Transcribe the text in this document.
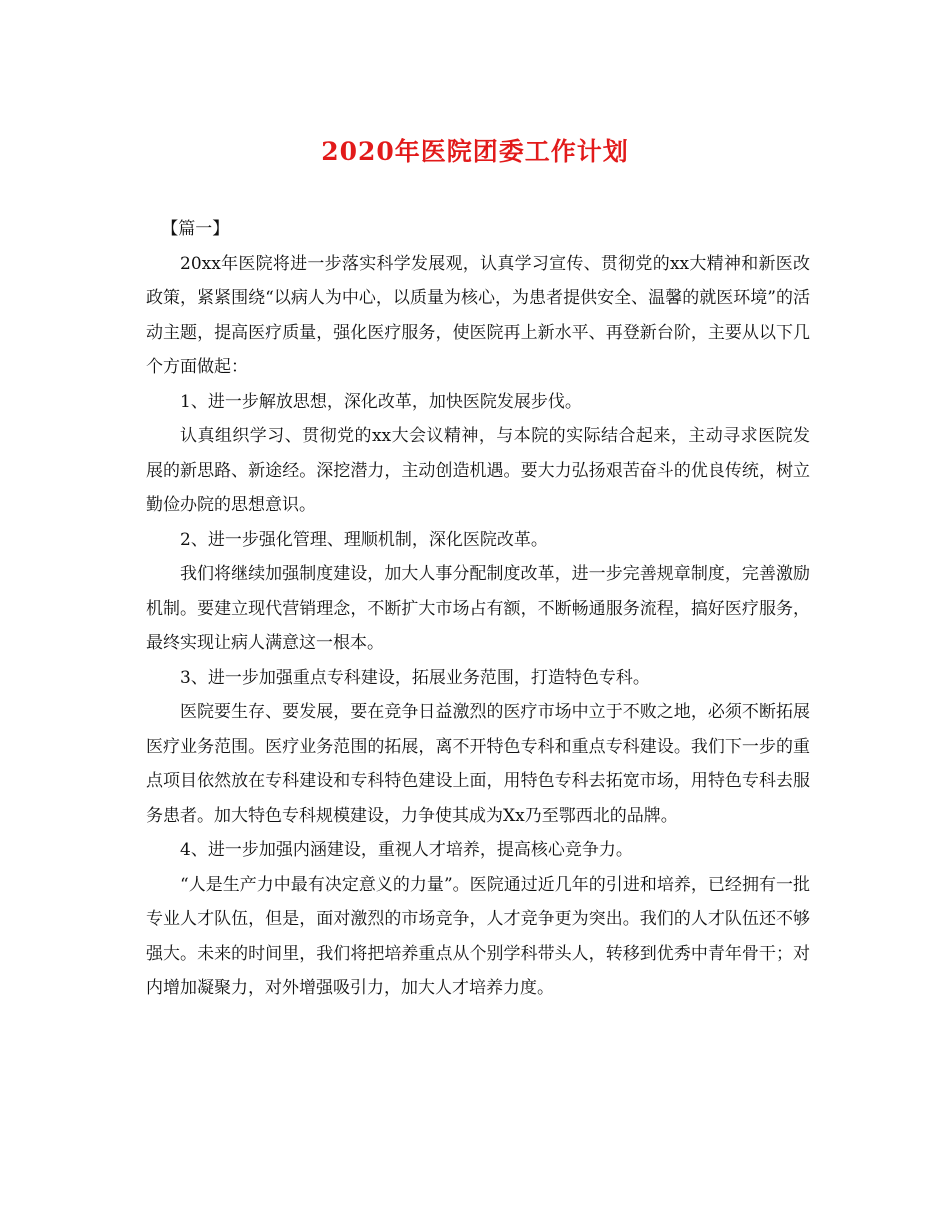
2020年医院团委工作计划

【篇一】

20xx年医院将进一步落实科学发展观，认真学习宣传、贯彻党的xx大精神和新医改政策，紧紧围绕“以病人为中心，以质量为核心，为患者提供安全、温馨的就医环境”的活动主题，提高医疗质量，强化医疗服务，使医院再上新水平、再登新台阶，主要从以下几个方面做起：

1、进一步解放思想，深化改革，加快医院发展步伐。

认真组织学习、贯彻党的xx大会议精神，与本院的实际结合起来，主动寻求医院发展的新思路、新途经。深挖潜力，主动创造机遇。要大力弘扬艰苦奋斗的优良传统，树立勤俭办院的思想意识。

2、进一步强化管理、理顺机制，深化医院改革。

我们将继续加强制度建设，加大人事分配制度改革，进一步完善规章制度，完善激励机制。要建立现代营销理念，不断扩大市场占有额，不断畅通服务流程，搞好医疗服务，最终实现让病人满意这一根本。

3、进一步加强重点专科建设，拓展业务范围，打造特色专科。

医院要生存、要发展，要在竞争日益激烈的医疗市场中立于不败之地，必须不断拓展医疗业务范围。医疗业务范围的拓展，离不开特色专科和重点专科建设。我们下一步的重点项目依然放在专科建设和专科特色建设上面，用特色专科去拓宽市场，用特色专科去服务患者。加大特色专科规模建设，力争使其成为Xx乃至鄂西北的品牌。

4、进一步加强内涵建设，重视人才培养，提高核心竞争力。

“人是生产力中最有决定意义的力量”。医院通过近几年的引进和培养，已经拥有一批专业人才队伍，但是，面对激烈的市场竞争，人才竞争更为突出。我们的人才队伍还不够强大。未来的时间里，我们将把培养重点从个别学科带头人，转移到优秀中青年骨干；对内增加凝聚力，对外增强吸引力，加大人才培养力度。
